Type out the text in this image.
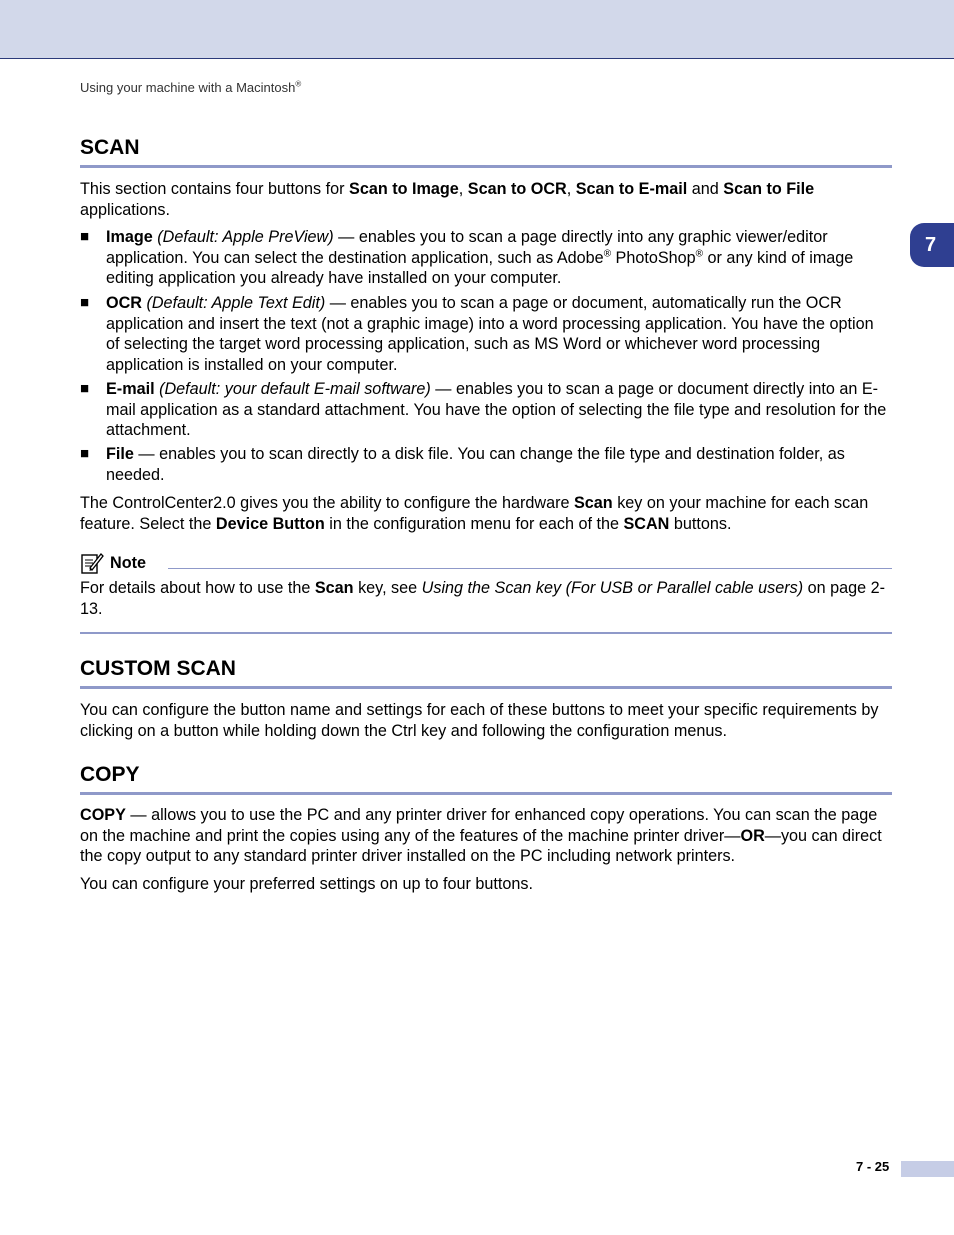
Using your machine with a Macintosh®
7
SCAN
This section contains four buttons for Scan to Image, Scan to OCR, Scan to E-mail and Scan to File applications.
■ Image (Default: Apple PreView) — enables you to scan a page directly into any graphic viewer/editor application. You can select the destination application, such as Adobe® PhotoShop® or any kind of image editing application you already have installed on your computer.
■ OCR (Default: Apple Text Edit) — enables you to scan a page or document, automatically run the OCR application and insert the text (not a graphic image) into a word processing application. You have the option of selecting the target word processing application, such as MS Word or whichever word processing application is installed on your computer.
■ E-mail (Default: your default E-mail software) — enables you to scan a page or document directly into an E-mail application as a standard attachment. You have the option of selecting the file type and resolution for the attachment.
■ File — enables you to scan directly to a disk file. You can change the file type and destination folder, as needed.
The ControlCenter2.0 gives you the ability to configure the hardware Scan key on your machine for each scan feature. Select the Device Button in the configuration menu for each of the SCAN buttons.
Note
For details about how to use the Scan key, see Using the Scan key (For USB or Parallel cable users) on page 2-13.
CUSTOM SCAN
You can configure the button name and settings for each of these buttons to meet your specific requirements by clicking on a button while holding down the Ctrl key and following the configuration menus.
COPY
COPY — allows you to use the PC and any printer driver for enhanced copy operations. You can scan the page on the machine and print the copies using any of the features of the machine printer driver—OR—you can direct the copy output to any standard printer driver installed on the PC including network printers.
You can configure your preferred settings on up to four buttons.
7 - 25
